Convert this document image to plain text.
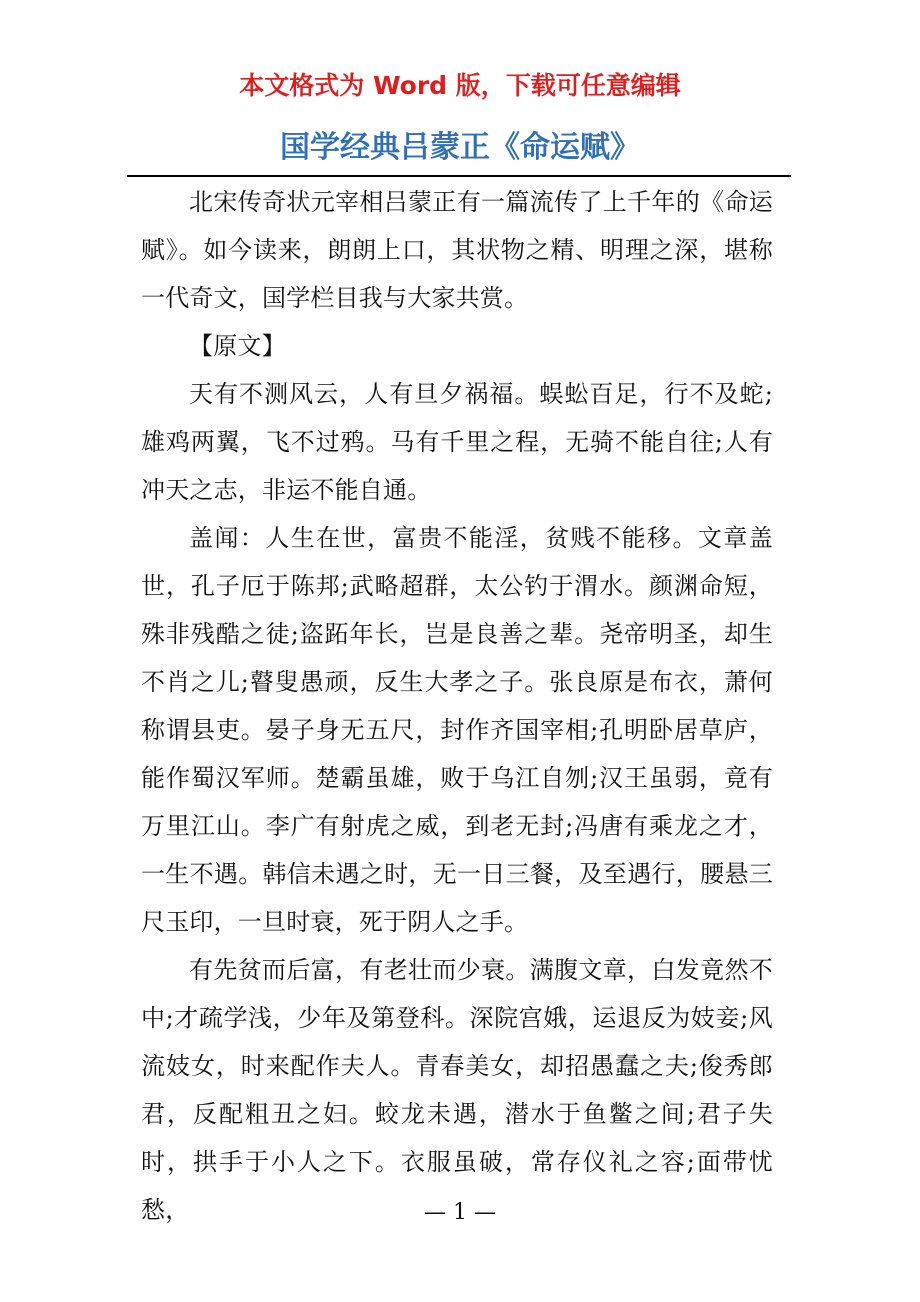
本文格式为 Word 版，下载可任意编辑
国学经典吕蒙正《命运赋》

北宋传奇状元宰相吕蒙正有一篇流传了上千年的《命运赋》。如今读来，朗朗上口，其状物之精、明理之深，堪称一代奇文，国学栏目我与大家共赏。

【原文】

天有不测风云，人有旦夕祸福。蜈蚣百足，行不及蛇;雄鸡两翼，飞不过鸦。马有千里之程，无骑不能自往;人有冲天之志，非运不能自通。

盖闻：人生在世，富贵不能淫，贫贱不能移。文章盖世，孔子厄于陈邦;武略超群，太公钓于渭水。颜渊命短，殊非残酷之徒;盗跖年长，岂是良善之辈。尧帝明圣，却生不肖之儿;瞽叟愚顽，反生大孝之子。张良原是布衣，萧何称谓县吏。晏子身无五尺，封作齐国宰相;孔明卧居草庐，能作蜀汉军师。楚霸虽雄，败于乌江自刎;汉王虽弱，竟有万里江山。李广有射虎之威，到老无封;冯唐有乘龙之才，一生不遇。韩信未遇之时，无一日三餐，及至遇行，腰悬三尺玉印，一旦时衰，死于阴人之手。

有先贫而后富，有老壮而少衰。满腹文章，白发竟然不中;才疏学浅，少年及第登科。深院宫娥，运退反为妓妾;风流妓女，时来配作夫人。青春美女，却招愚蠢之夫;俊秀郎君，反配粗丑之妇。蛟龙未遇，潜水于鱼鳖之间;君子失时，拱手于小人之下。衣服虽破，常存仪礼之容;面带忧愁，	— 1 —
